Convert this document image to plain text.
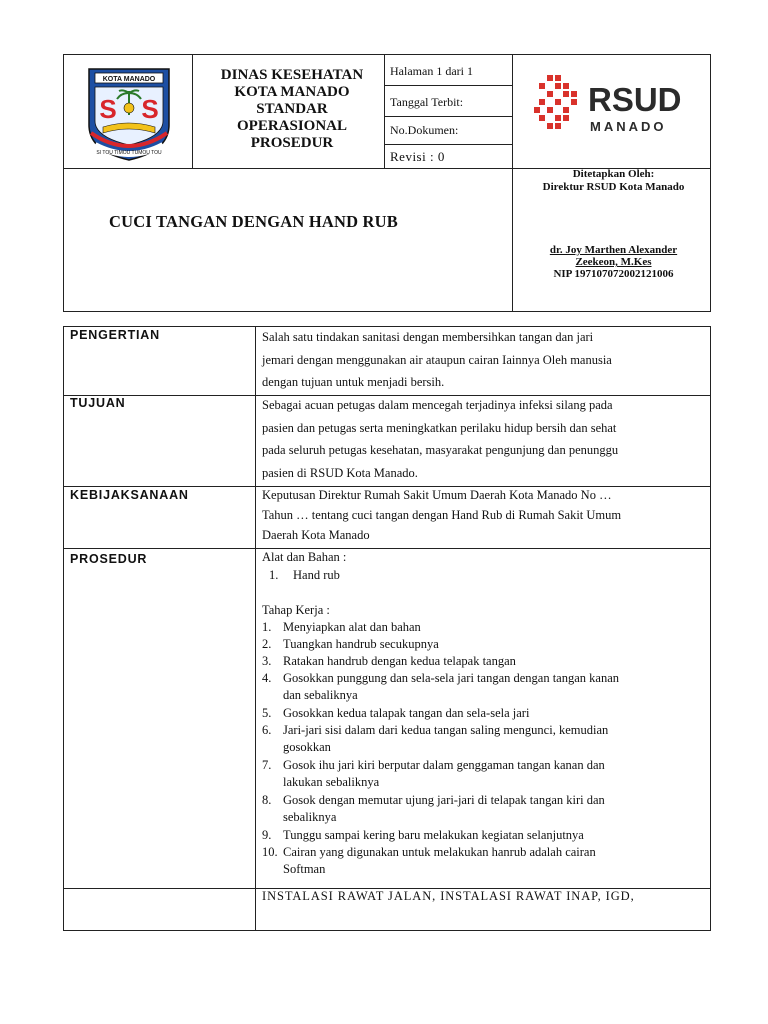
KOTA MANADO
S S
SI TOU TIMOU TUMOU TOU
DINAS KESEHATAN
KOTA MANADO
STANDAR
OPERASIONAL
PROSEDUR
Halaman 1 dari 1
Tanggal Terbit:
No.Dokumen:
Revisi : 0
RSUD
MANADO
CUCI TANGAN DENGAN HAND RUB
Ditetapkan Oleh:
Direktur RSUD Kota Manado
dr. Joy Marthen Alexander
Zeekeon, M.Kes
NIP 197107072002121006
PENGERTIAN	Salah satu tindakan sanitasi dengan membersihkan tangan dan jari
jemari dengan menggunakan air ataupun cairan Iainnya Oleh manusia
dengan tujuan untuk menjadi bersih.
TUJUAN	Sebagai acuan petugas dalam mencegah terjadinya infeksi silang pada
pasien dan petugas serta meningkatkan perilaku hidup bersih dan sehat
pada seluruh petugas kesehatan, masyarakat pengunjung dan penunggu
pasien di RSUD Kota Manado.
KEBIJAKSANAAN	Keputusan Direktur Rumah Sakit Umum Daerah Kota Manado No …
Tahun … tentang cuci tangan dengan Hand Rub di Rumah Sakit Umum
Daerah Kota Manado
PROSEDUR	Alat dan Bahan :
1.	Hand rub
Tahap Kerja :
1. Menyiapkan alat dan bahan
2. Tuangkan handrub secukupnya
3. Ratakan handrub dengan kedua telapak tangan
4. Gosokkan punggung dan sela-sela jari tangan dengan tangan kanan
dan sebaliknya
5. Gosokkan kedua talapak tangan dan sela-sela jari
6. Jari-jari sisi dalam dari kedua tangan saling mengunci, kemudian
gosokkan
7. Gosok ihu jari kiri berputar dalam genggaman tangan kanan dan
lakukan sebaliknya
8. Gosok dengan memutar ujung jari-jari di telapak tangan kiri dan
sebaliknya
9. Tunggu sampai kering baru melakukan kegiatan selanjutnya
10. Cairan yang digunakan untuk melakukan hanrub adalah cairan
Softman
INSTALASI RAWAT JALAN, INSTALASI RAWAT INAP, IGD,
